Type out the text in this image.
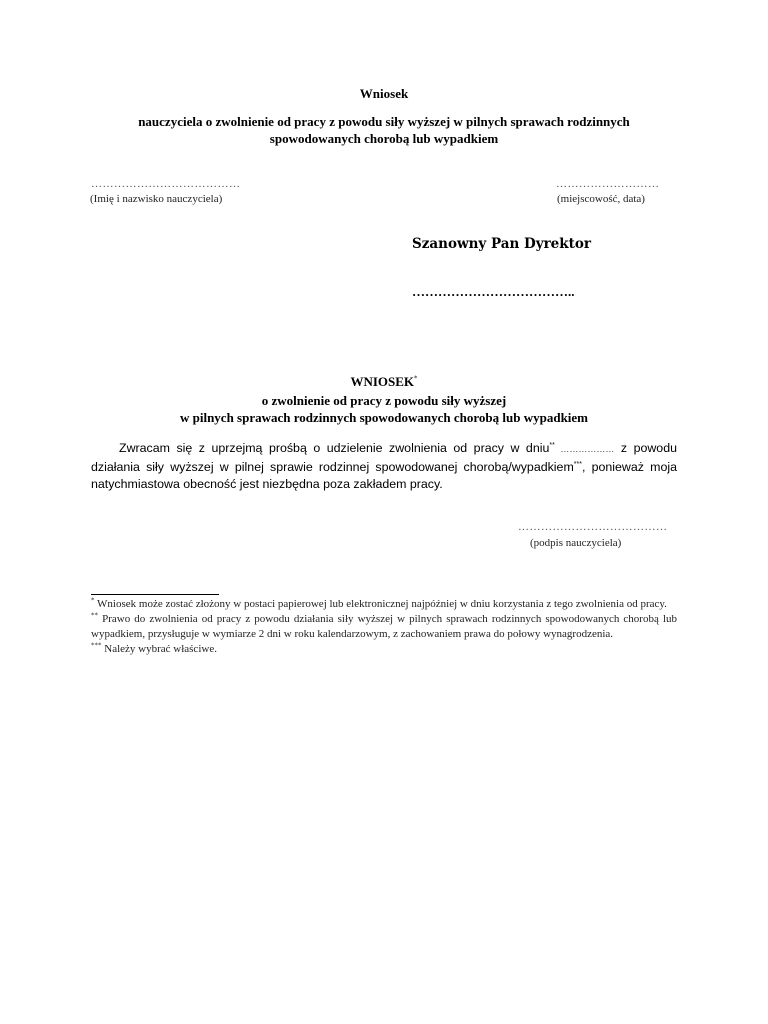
Wniosek
nauczyciela o zwolnienie od pracy z powodu siły wyższej w pilnych sprawach rodzinnych
spowodowanych chorobą lub wypadkiem
…………………………………
(Imię i nazwisko nauczyciela)
………………………
(miejscowość, data)
Szanowny Pan Dyrektor
………………………………..
WNIOSEK*
o zwolnienie od pracy z powodu siły wyższej
w pilnych sprawach rodzinnych spowodowanych chorobą lub wypadkiem
Zwracam się z uprzejmą prośbą o udzielenie zwolnienia od pracy w dniu** ……………… z powodu działania siły wyższej w pilnej sprawie rodzinnej spowodowanej chorobą/wypadkiem***, ponieważ moja natychmiastowa obecność jest niezbędna poza zakładem pracy.
…………………………………
(podpis nauczyciela)
* Wniosek może zostać złożony w postaci papierowej lub elektronicznej najpóźniej w dniu korzystania z tego zwolnienia od pracy.
** Prawo do zwolnienia od pracy z powodu działania siły wyższej w pilnych sprawach rodzinnych spowodowanych chorobą lub wypadkiem, przysługuje w wymiarze 2 dni w roku kalendarzowym, z zachowaniem prawa do połowy wynagrodzenia.
*** Należy wybrać właściwe.
